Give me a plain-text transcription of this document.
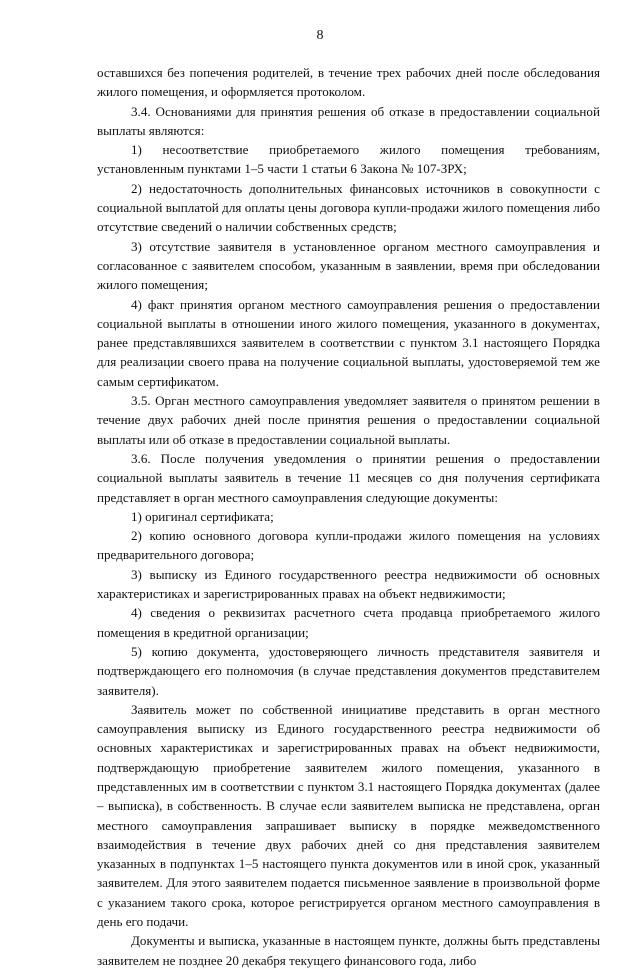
8

оставшихся без попечения родителей, в течение трех рабочих дней после обследования жилого помещения, и оформляется протоколом.

3.4. Основаниями для принятия решения об отказе в предоставлении социальной выплаты являются:

1) несоответствие приобретаемого жилого помещения требованиям, установленным пунктами 1–5 части 1 статьи 6 Закона № 107-ЗРХ;

2) недостаточность дополнительных финансовых источников в совокупности с социальной выплатой для оплаты цены договора купли-продажи жилого помещения либо отсутствие сведений о наличии собственных средств;

3) отсутствие заявителя в установленное органом местного самоуправления и согласованное с заявителем способом, указанным в заявлении, время при обследовании жилого помещения;

4) факт принятия органом местного самоуправления решения о предоставлении социальной выплаты в отношении иного жилого помещения, указанного в документах, ранее представлявшихся заявителем в соответствии с пунктом 3.1 настоящего Порядка для реализации своего права на получение социальной выплаты, удостоверяемой тем же самым сертификатом.

3.5. Орган местного самоуправления уведомляет заявителя о принятом решении в течение двух рабочих дней после принятия решения о предоставлении социальной выплаты или об отказе в предоставлении социальной выплаты.

3.6. После получения уведомления о принятии решения о предоставлении социальной выплаты заявитель в течение 11 месяцев со дня получения сертификата представляет в орган местного самоуправления следующие документы:

1) оригинал сертификата;

2) копию основного договора купли-продажи жилого помещения на условиях предварительного договора;

3) выписку из Единого государственного реестра недвижимости об основных характеристиках и зарегистрированных правах на объект недвижимости;

4) сведения о реквизитах расчетного счета продавца приобретаемого жилого помещения в кредитной организации;

5) копию документа, удостоверяющего личность представителя заявителя и подтверждающего его полномочия (в случае представления документов представителем заявителя).

Заявитель может по собственной инициативе представить в орган местного самоуправления выписку из Единого государственного реестра недвижимости об основных характеристиках и зарегистрированных правах на объект недвижимости, подтверждающую приобретение заявителем жилого помещения, указанного в представленных им в соответствии с пунктом 3.1 настоящего Порядка документах (далее – выписка), в собственность. В случае если заявителем выписка не представлена, орган местного самоуправления запрашивает выписку в порядке межведомственного взаимодействия в течение двух рабочих дней со дня представления заявителем указанных в подпунктах 1–5 настоящего пункта документов или в иной срок, указанный заявителем. Для этого заявителем подается письменное заявление в произвольной форме с указанием такого срока, которое регистрируется органом местного самоуправления в день его подачи.

Документы и выписка, указанные в настоящем пункте, должны быть представлены заявителем не позднее 20 декабря текущего финансового года, либо
